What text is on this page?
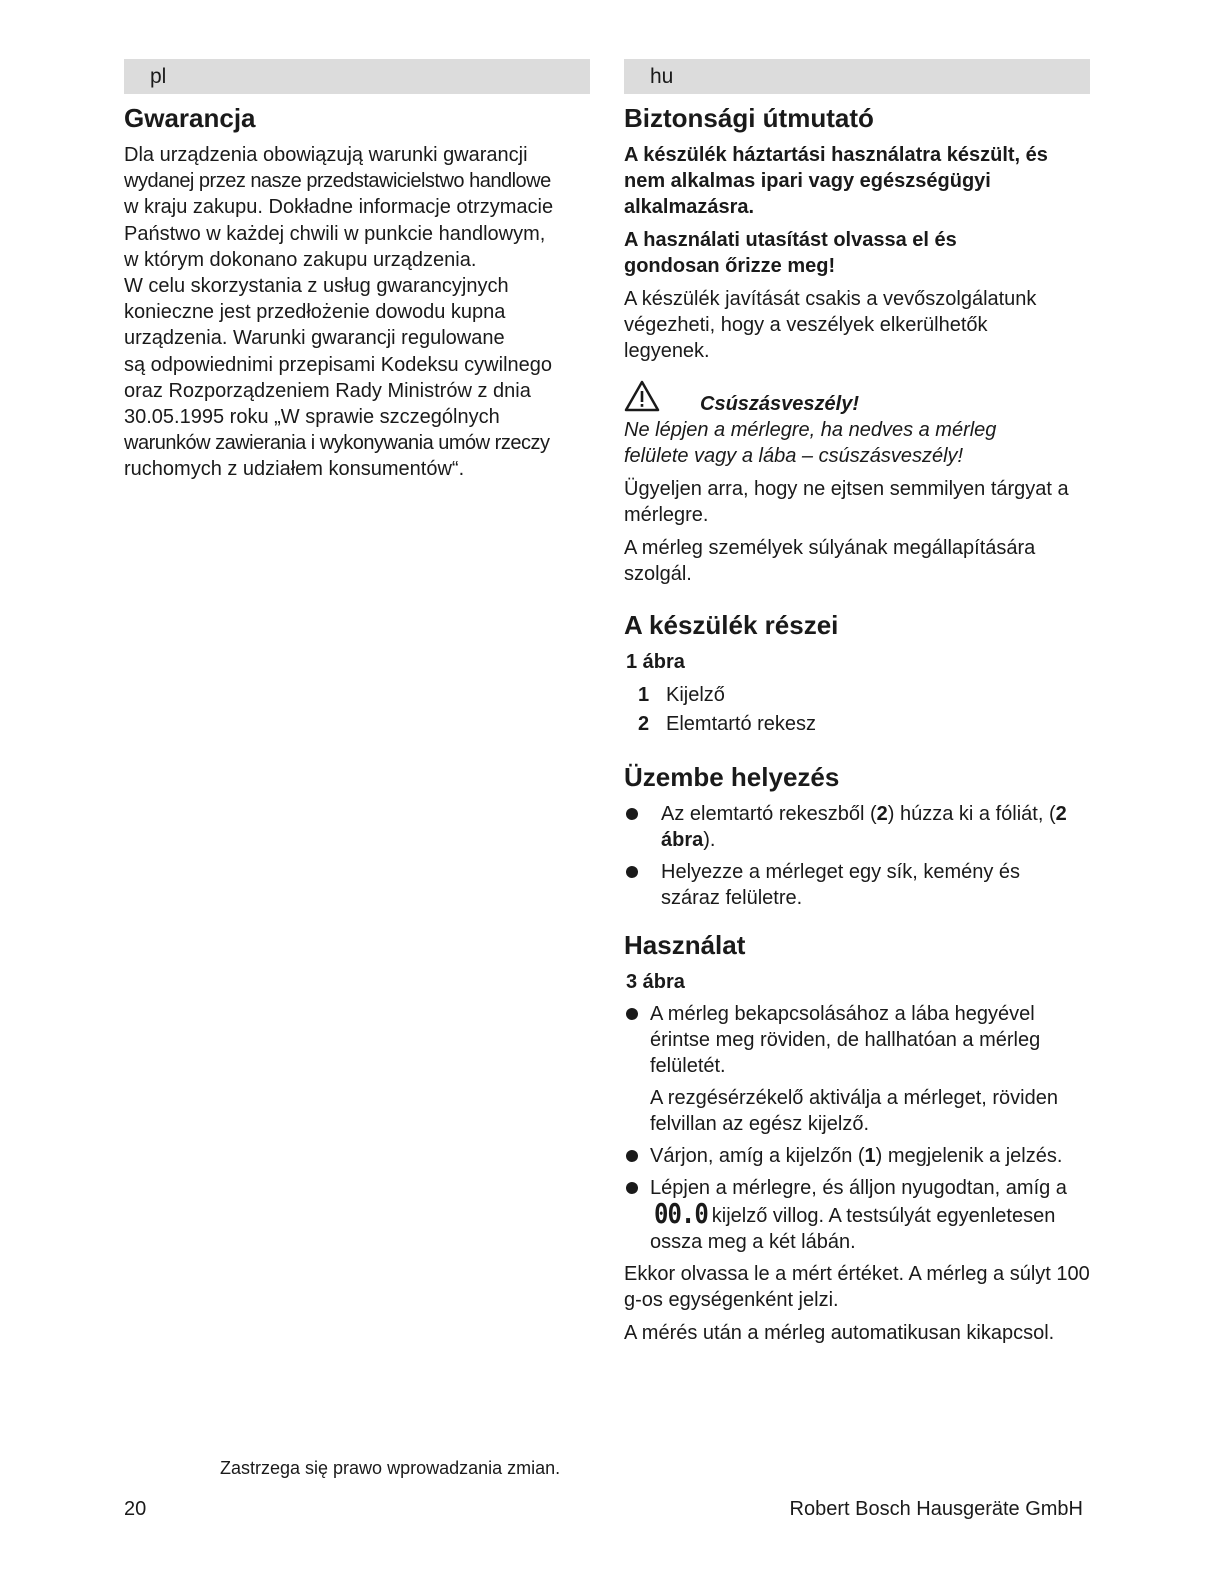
pl
Gwarancja
Dla urządzenia obowiązują warunki gwarancji
wydanej przez nasze przedstawicielstwo handlowe
w kraju zakupu. Dokładne informacje otrzymacie
Państwo w każdej chwili w punkcie handlowym,
w którym dokonano zakupu urządzenia.
W celu skorzystania z usług gwarancyjnych
konieczne jest przedłożenie dowodu kupna
urządzenia. Warunki gwarancji regulowane
są odpowiednimi przepisami Kodeksu cywilnego
oraz Rozporządzeniem Rady Ministrów z dnia
30.05.1995 roku „W sprawie szczególnych
warunków zawierania i wykonywania umów rzeczy
ruchomych z udziałem konsumentów“.
hu
Biztonsági útmutató

A készülék háztartási használatra készült, és nem alkalmas ipari vagy egészségügyi alkalmazásra.

A használati utasítást olvassa el és gondosan őrizze meg!

A készülék javítását csakis a vevőszolgálatunk végezheti, hogy a veszélyek elkerülhetők legyenek.

Csúszásveszély!

Ne lépjen a mérlegre, ha nedves a mérleg felülete vagy a lába – csúszásveszély!

Ügyeljen arra, hogy ne ejtsen semmilyen tárgyat a mérlegre.

A mérleg személyek súlyának megállapítására szolgál.

A készülék részei
1 ábra
1 Kijelző
2 Elemtartó rekesz
Üzembe helyezés
Az elemtartó rekeszből (2) húzza ki a fóliát, (2 ábra).
Helyezze a mérleget egy sík, kemény és száraz felületre.
Használat
3 ábra
A mérleg bekapcsolásához a lába hegyével érintse meg röviden, de hallhatóan a mérleg felületét.
A rezgésérzékelő aktiválja a mérleget, röviden felvillan az egész kijelző.
Várjon, amíg a kijelzőn (1) megjelenik a jelzés.
Lépjen a mérlegre, és álljon nyugodtan, amíg a00.0 kijelző villog. A testsúlyát egyenletesen ossza meg a két lábán.

Ekkor olvassa le a mért értéket. A mérleg a súlyt 100 g-os egységenként jelzi.

A mérés után a mérleg automatikusan kikapcsol.

Zastrzega się prawo wprowadzania zmian.
20	Robert Bosch Hausgeräte GmbH
